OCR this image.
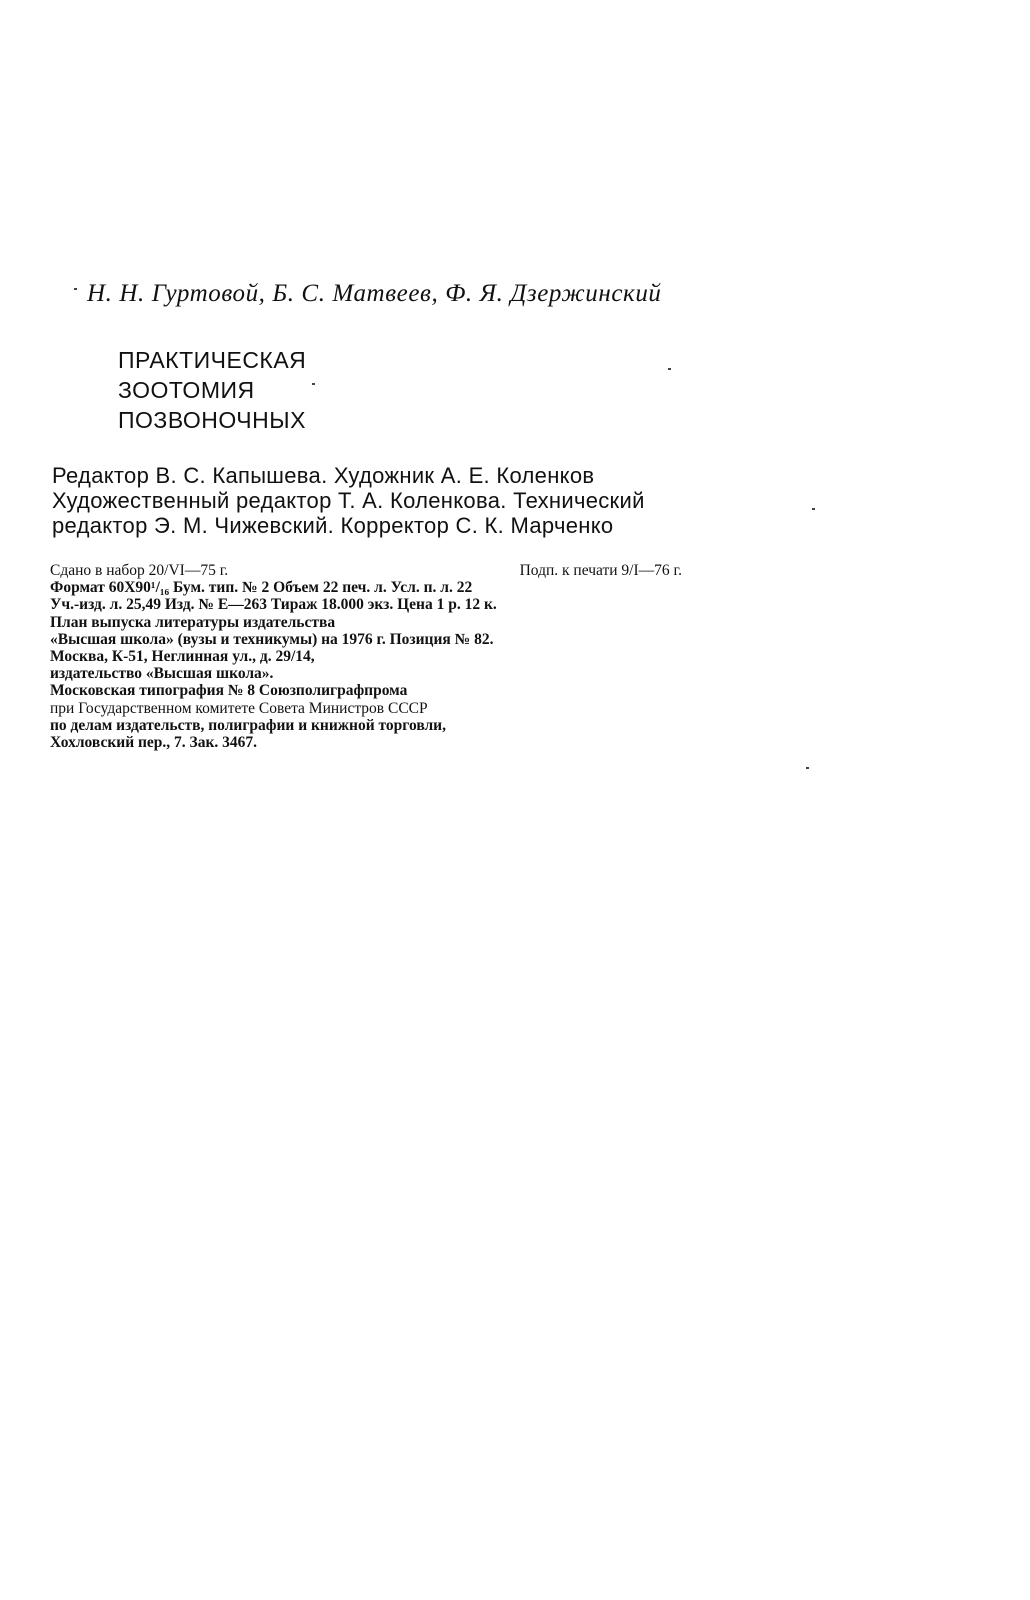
Н. Н. Гуртовой, Б. С. Матвеев, Ф. Я. Дзержинский
ПРАКТИЧЕСКАЯ
ЗООТОМИЯ
ПОЗВОНОЧНЫХ
Редактор В. С. Капышева. Художник А. Е. Коленков
Художественный редактор Т. А. Коленкова. Технический
редактор Э. М. Чижевский. Корректор С. К. Марченко
Сдано в набор 20/VI—75 г.	Подп. к печати 9/I—76 г.
Формат 60X90¹/₁₆ Бум. тип. № 2 Объем 22 печ. л. Усл. п. л. 22
Уч.-изд. л. 25,49 Изд. № E—263 Тираж 18.000 экз. Цена 1 р. 12 к.
План выпуска литературы издательства
«Высшая школа» (вузы и техникумы) на 1976 г. Позиция № 82.
Москва, К-51, Неглинная ул., д. 29/14,
издательство «Высшая школа».
Московская типография № 8 Союзполиграфпрома
при Государственном комитете Совета Министров СССР
по делам издательств, полиграфии и книжной торговли,
Хохловский пер., 7. Зак. 3467.
